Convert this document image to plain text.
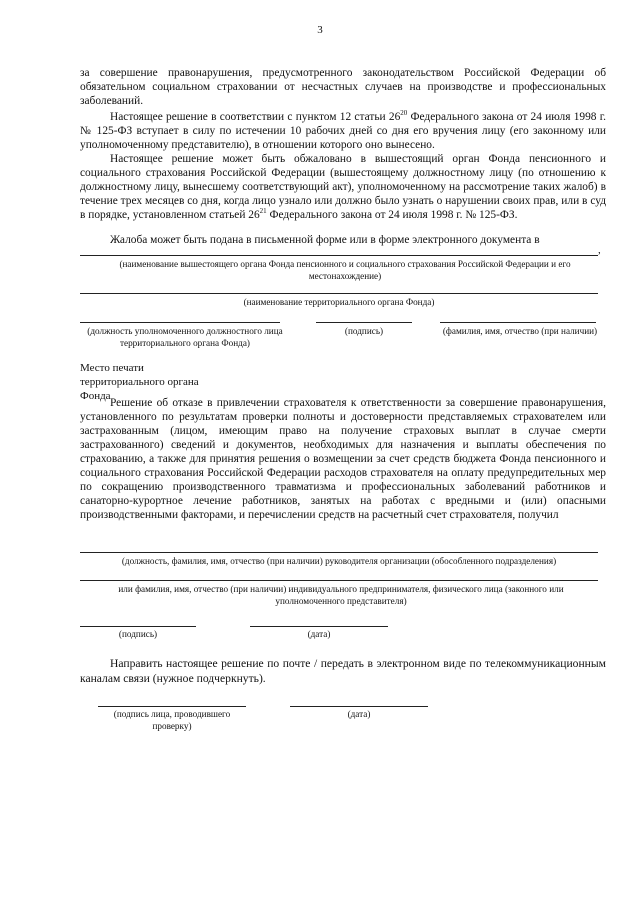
3

за совершение правонарушения, предусмотренного законодательством Российской Федерации об обязательном социальном страховании от несчастных случаев на производстве и профессиональных заболеваний.

Настоящее решение в соответствии с пунктом 12 статьи $26^{20}$ Федерального закона от 24 июля 1998 г. № 125-ФЗ вступает в силу по истечении 10 рабочих дней со дня его вручения лицу (его законному или уполномоченному представителю), в отношении которого оно вынесено.

Настоящее решение может быть обжаловано в вышестоящий орган Фонда пенсионного и социального страхования Российской Федерации (вышестоящему должностному лицу (по отношению к должностному лицу, вынесшему соответствующий акт), уполномоченному на рассмотрение таких жалоб) в течение трех месяцев со дня, когда лицо узнало или должно было узнать о нарушении своих прав, или в суд в порядке, установленном статьей $26^{21}$ Федерального закона от 24 июля 1998 г. № 125-ФЗ.

Жалоба может быть подана в письменной форме или в форме электронного документа в

,
(наименование вышестоящего органа Фонда пенсионного и социального страхования Российской Федерации и его местонахождение)
(наименование территориального органа Фонда)
(должность уполномоченного должностного лица территориального органа Фонда)
(подпись)	(фамилия, имя, отчество (при наличии)
Место печати территориального органа Фонда

Решение об отказе в привлечении страхователя к ответственности за совершение правонарушения, установленного по результатам проверки полноты и достоверности представляемых страхователем или застрахованным (лицом, имеющим право на получение страховых выплат в случае смерти застрахованного) сведений и документов, необходимых для назначения и выплаты обеспечения по страхованию, а также для принятия решения о возмещении за счет средств бюджета Фонда пенсионного и социального страхования Российской Федерации расходов страхователя на оплату предупредительных мер по сокращению производственного травматизма и профессиональных заболеваний работников и санаторно-курортное лечение работников, занятых на работах с вредными и (или) опасными производственными факторами, и перечислении средств на расчетный счет страхователя, получил

(должность, фамилия, имя, отчество (при наличии) руководителя организации (обособленного подразделения)
или фамилия, имя, отчество (при наличии) индивидуального предпринимателя, физического лица (законного или уполномоченного представителя)
(подпись)	(дата)

Направить настоящее решение по почте / передать в электронном виде по телекоммуникационным каналам связи (нужное подчеркнуть).

(подпись лица, проводившего проверку)
(дата)
